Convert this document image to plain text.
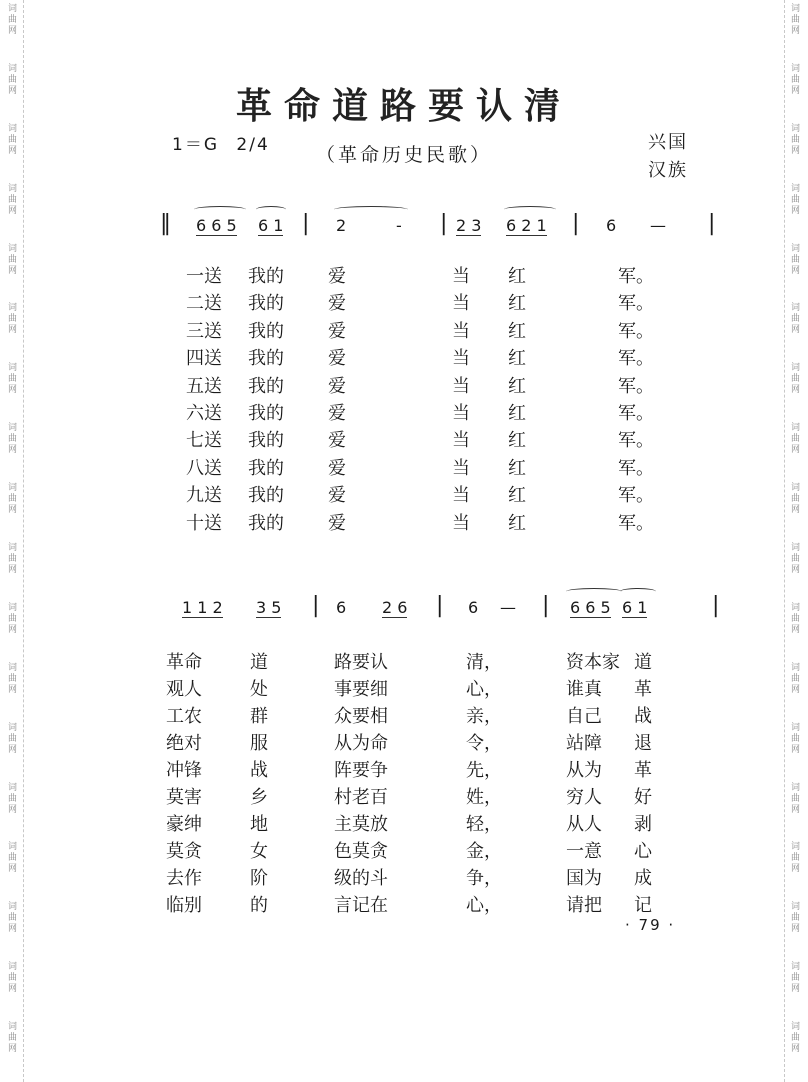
词
曲
网
词
曲
网
词
曲
网
词
曲
网
词
曲
网
词
曲
网
词
曲
网
词
曲
网
词
曲
网
词
曲
网
词
曲
网
词
曲
网
词
曲
网
词
曲
网
词
曲
网
词
曲
网
词
曲
网
词
曲
网
词
曲
网
词
曲
网
词
曲
网
词
曲
网
词
曲
网
词
曲
网
词
曲
网
词
曲
网
词
曲
网
词
曲
网
词
曲
网
词
曲
网
词
曲
网
词
曲
网
词
曲
网
词
曲
网
词
曲
网
词
曲
网
革命道路要认清
（革命历史民歌）
1＝G 2/4	兴国
汉族
‖ 6 6 5 6 1 | 2	- | 2 3 6 2 1 | 6 — |
一送 我的 爱	当 红	军。
二送 我的 爱	当 红	军。
三送 我的 爱	当 红	军。
四送 我的 爱	当 红	军。
五送 我的 爱	当 红	军。
六送 我的 爱	当 红	军。
七送 我的 爱	当 红	军。
八送 我的 爱	当 红	军。
九送 我的 爱	当 红	军。
十送 我的 爱	当 红	军。
1 1 2 3 5 | 6 2 6 | 6 — | 6 6 5 6 1	|
革命	道	路要认	清，	资本家 道
观人	处	事要细	心，	谁真 革
工农	群	众要相	亲，	自己 战
绝对	服	从为命	令，	站障 退
冲锋	战	阵要争	先，	从为 革
莫害	乡	村老百	姓，	穷人 好
豪绅	地	主莫放	轻，	从人 剥
莫贪	女	色莫贪	金，	一意 心
去作	阶	级的斗	争，	国为 成
临别	的	言记在	心，	请把 记
· 79 ·
